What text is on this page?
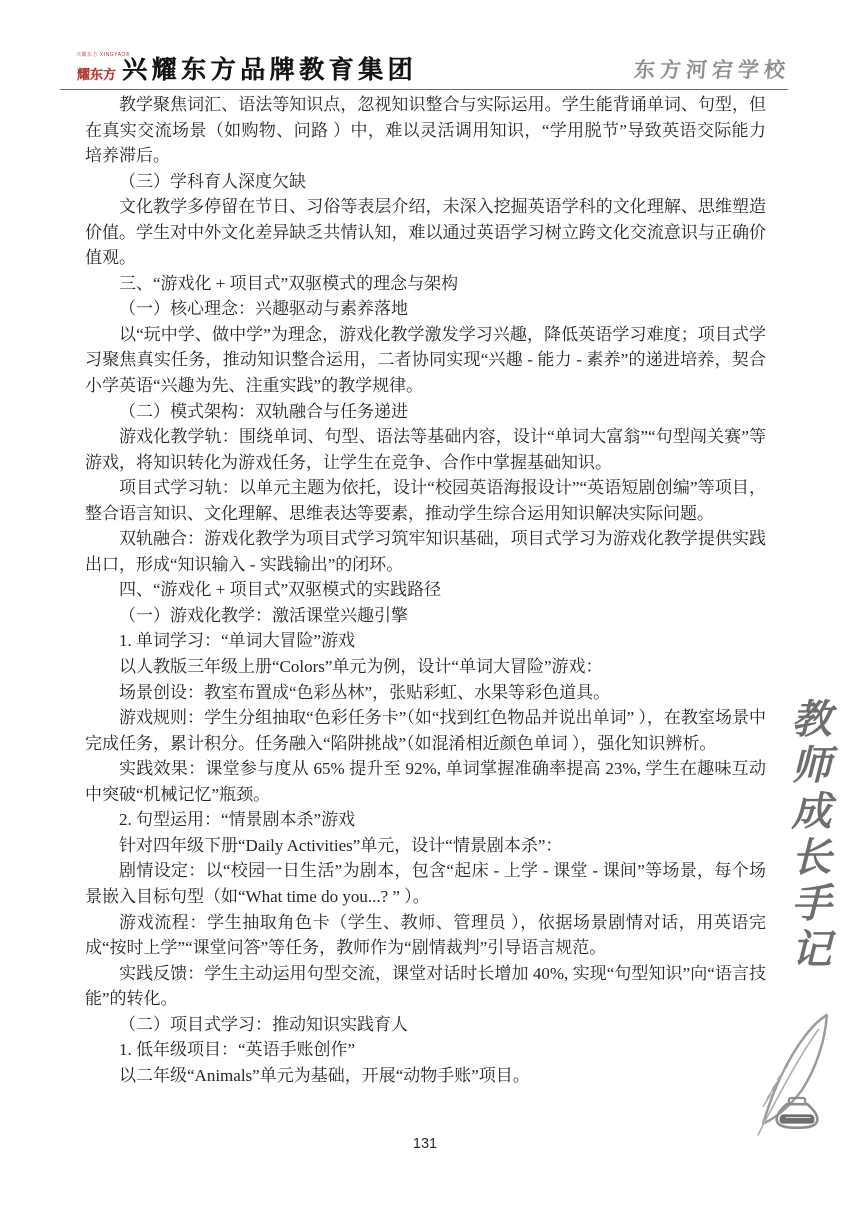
兴耀东方 XINGYAO®
耀东方 兴耀东方品牌教育集团	东方河宕学校

教学聚焦词汇、语法等知识点，忽视知识整合与实际运用。学生能背诵单词、句型，但在真实交流场景（如购物、问路 ）中，难以灵活调用知识，“学用脱节”导致英语交际能力培养滞后。

（三）学科育人深度欠缺

文化教学多停留在节日、习俗等表层介绍，未深入挖掘英语学科的文化理解、思维塑造价值。学生对中外文化差异缺乏共情认知，难以通过英语学习树立跨文化交流意识与正确价值观。

三、“游戏化 + 项目式”双驱模式的理念与架构

（一）核心理念：兴趣驱动与素养落地

以“玩中学、做中学”为理念，游戏化教学激发学习兴趣，降低英语学习难度；项目式学习聚焦真实任务，推动知识整合运用，二者协同实现“兴趣 - 能力 - 素养”的递进培养，契合小学英语“兴趣为先、注重实践”的教学规律。

（二）模式架构：双轨融合与任务递进

游戏化教学轨：围绕单词、句型、语法等基础内容，设计“单词大富翁”“句型闯关赛”等游戏，将知识转化为游戏任务，让学生在竞争、合作中掌握基础知识。

项目式学习轨：以单元主题为依托，设计“校园英语海报设计”“英语短剧创编”等项目，整合语言知识、文化理解、思维表达等要素，推动学生综合运用知识解决实际问题。

双轨融合：游戏化教学为项目式学习筑牢知识基础，项目式学习为游戏化教学提供实践出口，形成“知识输入 - 实践输出”的闭环。

四、“游戏化 + 项目式”双驱模式的实践路径

（一）游戏化教学：激活课堂兴趣引擎

1. 单词学习：“单词大冒险”游戏

以人教版三年级上册“Colors”单元为例，设计“单词大冒险”游戏：

场景创设：教室布置成“色彩丛林”，张贴彩虹、水果等彩色道具。

游戏规则：学生分组抽取“色彩任务卡”（如“找到红色物品并说出单词” ），在教室场景中完成任务，累计积分。任务融入“陷阱挑战”（如混淆相近颜色单词 ），强化知识辨析。

实践效果：课堂参与度从 65% 提升至 92%, 单词掌握准确率提高 23%, 学生在趣味互动中突破“机械记忆”瓶颈。

2. 句型运用：“情景剧本杀”游戏

针对四年级下册“Daily Activities”单元，设计“情景剧本杀”：

剧情设定：以“校园一日生活”为剧本，包含“起床 - 上学 - 课堂 - 课间”等场景，每个场景嵌入目标句型（如“What time do you...? ” ）。

游戏流程：学生抽取角色卡（学生、教师、管理员 ），依据场景剧情对话，用英语完成“按时上学”“课堂问答”等任务，教师作为“剧情裁判”引导语言规范。

实践反馈：学生主动运用句型交流，课堂对话时长增加 40%, 实现“句型知识”向“语言技能”的转化。

（二）项目式学习：推动知识实践育人

1. 低年级项目：“英语手账创作”

以二年级“Animals”单元为基础，开展“动物手账”项目。

教师成长手记
131
